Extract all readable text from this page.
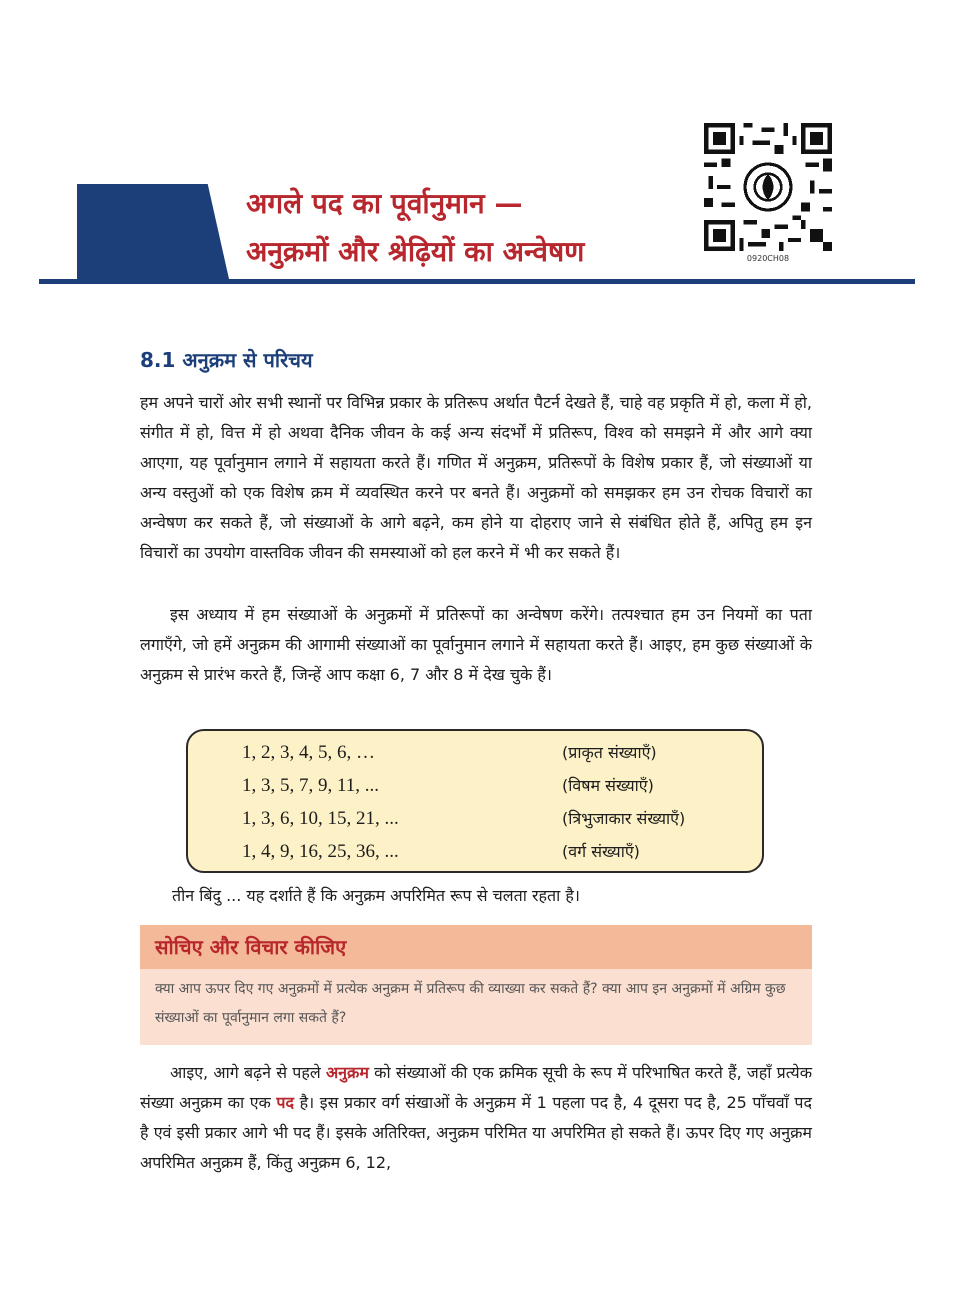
8
अगले पद का पूर्वानुमान —
अनुक्रमों और श्रेढ़ियों का अन्वेषण	0920CH08
8.1 अनुक्रम से परिचय

हम अपने चारों ओर सभी स्थानों पर विभिन्न प्रकार के प्रतिरूप अर्थात पैटर्न देखते हैं, चाहे वह प्रकृति में हो, कला में हो, संगीत में हो, वित्त में हो अथवा दैनिक जीवन के कई अन्य संदर्भों में प्रतिरूप, विश्व को समझने में और आगे क्या आएगा, यह पूर्वानुमान लगाने में सहायता करते हैं। गणित में अनुक्रम, प्रतिरूपों के विशेष प्रकार हैं, जो संख्याओं या अन्य वस्तुओं को एक विशेष क्रम में व्यवस्थित करने पर बनते हैं। अनुक्रमों को समझकर हम उन रोचक विचारों का अन्वेषण कर सकते हैं, जो संख्याओं के आगे बढ़ने, कम होने या दोहराए जाने से संबंधित होते हैं, अपितु हम इन विचारों का उपयोग वास्तविक जीवन की समस्याओं को हल करने में भी कर सकते हैं।

इस अध्याय में हम संख्याओं के अनुक्रमों में प्रतिरूपों का अन्वेषण करेंगे। तत्पश्चात हम उन नियमों का पता लगाएँगे, जो हमें अनुक्रम की आगामी संख्याओं का पूर्वानुमान लगाने में सहायता करते हैं। आइए, हम कुछ संख्याओं के अनुक्रम से प्रारंभ करते हैं, जिन्हें आप कक्षा 6, 7 और 8 में देख चुके हैं।

1, 2, 3, 4, 5, 6, …	(प्राकृत संख्याएँ)
1, 3, 5, 7, 9, 11, ...	(विषम संख्याएँ)
1, 3, 6, 10, 15, 21, ...	(त्रिभुजाकार संख्याएँ)
1, 4, 9, 16, 25, 36, ...	(वर्ग संख्याएँ)
तीन बिंदु ... यह दर्शाते हैं कि अनुक्रम अपरिमित रूप से चलता रहता है।
सोचिए और विचार कीजिए
क्या आप ऊपर दिए गए अनुक्रमों में प्रत्येक अनुक्रम में प्रतिरूप की व्याख्या कर सकते हैं? क्या आप इन अनुक्रमों में अग्रिम कुछ संख्याओं का पूर्वानुमान लगा सकते हैं?

आइए, आगे बढ़ने से पहले अनुक्रम को संख्याओं की एक क्रमिक सूची के रूप में परिभाषित करते हैं, जहाँ प्रत्येक संख्या अनुक्रम का एक पद है। इस प्रकार वर्ग संखाओं के अनुक्रम में 1 पहला पद है, 4 दूसरा पद है, 25 पाँचवाँ पद है एवं इसी प्रकार आगे भी पद हैं। इसके अतिरिक्त, अनुक्रम परिमित या अपरिमित हो सकते हैं। ऊपर दिए गए अनुक्रम अपरिमित अनुक्रम हैं, किंतु अनुक्रम 6, 12,
